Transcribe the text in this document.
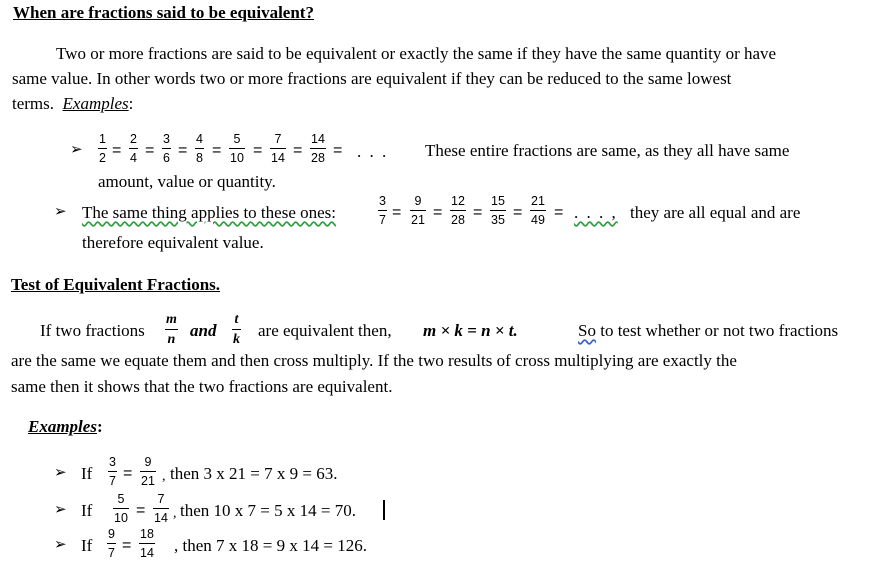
When are fractions said to be equivalent?
Two or more fractions are said to be equivalent or exactly the same if they have the same quantity or have
same value. In other words two or more fractions are equivalent if they can be reduced to the same lowest
terms. Examples:
➢
1
2 =
2
4 =
3
6 =
4
8 =
5
10 =
7
14 =
14
28 = . . . These entire fractions are same, as they all have same
amount, value or quantity.
➢ The same thing applies to these ones:
3
7 =
9
21 =
12
28 =
15
35 =
21
49 = . . . , they are all equal and are
therefore equivalent value.
Test of Equivalent Fractions.
If two fractions
m
n and
t
k are equivalent then, m × k = n × t.	So to test whether or not two fractions
are the same we equate them and then cross multiply. If the two results of cross multiplying are exactly the
same then it shows that the two fractions are equivalent.
Examples:
➢ If
3
7 =
9
21 , then 3 x 21 = 7 x 9 = 63.
➢ If
5
10 =
7
14 , then 10 x 7 = 5 x 14 = 70.
➢ If
9
7 =
18
14 , then 7 x 18 = 9 x 14 = 126.
